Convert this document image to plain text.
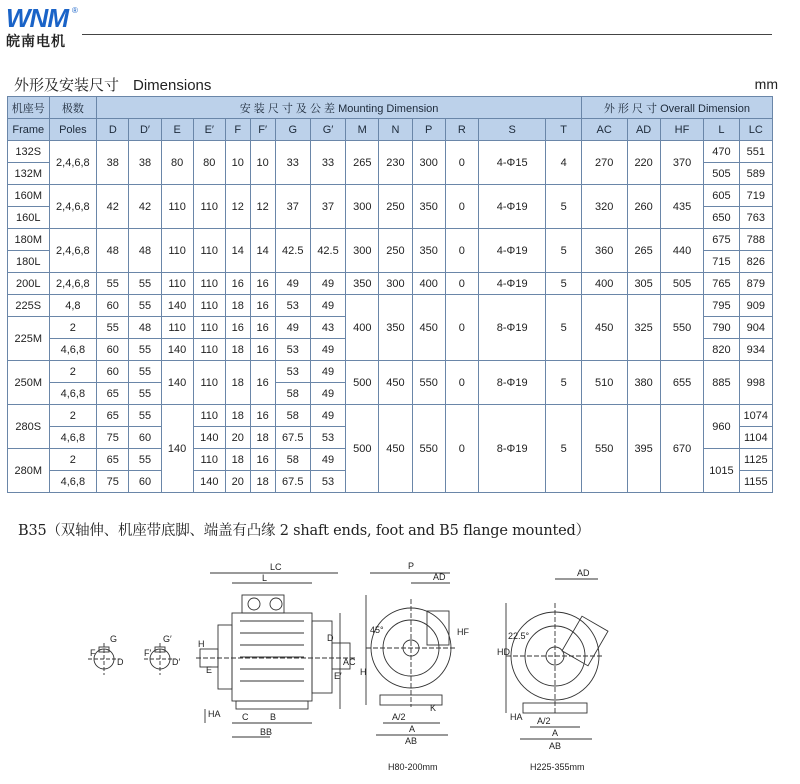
WNM ®
皖南电机
外形及安装尺寸 Dimensions	mm
机座号	极数	安 装 尺 寸 及 公 差 Mounting Dimension														外 形 尺 寸 Overall Dimension				
Frame	Poles	D	D′	E	E′	F	F′	G	G′	M	N	P	R	S	T	AC	AD	HF	L	LC
132S	2,4,6,8	38	38	80	80	10	10	33	33	265	230	300	0	4-Φ15	4	270	220	370	470	551
132M																			505	589
160M	2,4,6,8	42	42	110	110	12	12	37	37	300	250	350	0	4-Φ19	5	320	260	435	605	719
160L																			650	763
180M	2,4,6,8	48	48	110	110	14	14	42.5	42.5	300	250	350	0	4-Φ19	5	360	265	440	675	788
180L																			715	826
200L	2,4,6,8	55	55	110	110	16	16	49	49	350	300	400	0	4-Φ19	5	400	305	505	765	879
225S	4,8	60	55	140	110	18	16	53	49	400	350	450	0	8-Φ19	5	450	325	550	795	909
225M	2	55	48	110	110	16	16	49	43										790	904
	4,6,8	60	55	140	110	18	16	53	49										820	934
250M	2	60	55	140	110	18	16	53	49	500	450	550	0	8-Φ19	5	510	380	655	885	998
	4,6,8	65	55					58	49											
280S	2	65	55	140	110	18	16	58	49	500	450	550	0	8-Φ19	5	550	395	670	960	1074
	4,6,8	75	60		140	20	18	67.5	53											1104
280M	2	65	55		110	18	16	58	49										1015	1125
	4,6,8	75	60		140	20	18	67.5	53											1155
B35（双轴伸、机座带底脚、端盖有凸缘 2 shaft ends, foot and B5 flange mounted）
G
F
D
G′
F′
D′
LC
L
E
H
C B
BB
HA
AC
D
E′
P
AD
HF
45°
H
K
A/2
A
AB
H80-200mm
AD
22.5°
HD
A/2
A
AB
HA
H225-355mm
